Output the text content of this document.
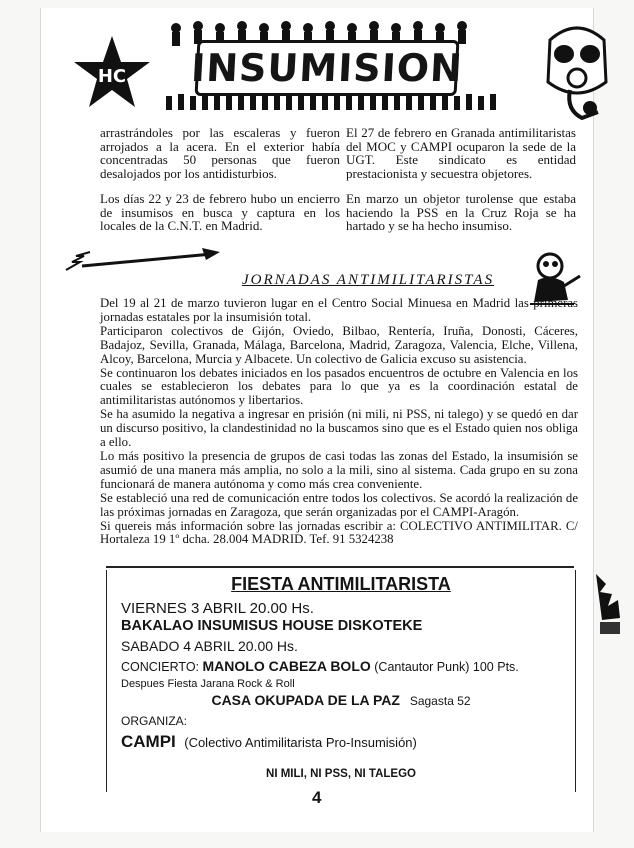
INSUMISION
HC

arrastrándoles por las escaleras y fueron arrojados a la acera. En el exterior había concentradas 50 personas que fueron desalojados por los antidisturbios.

Los días 22 y 23 de febrero hubo un encierro de insumisos en busca y captura en los locales de la C.N.T. en Madrid.

El 27 de febrero en Granada antimilitaristas del MOC y CAMPI ocuparon la sede de la UGT. Este sindicato es entidad prestacionista y secuestra objetores.

En marzo un objetor turolense que estaba haciendo la PSS en la Cruz Roja se ha hartado y se ha hecho insumiso.

JORNADAS ANTIMILITARISTAS

Del 19 al 21 de marzo tuvieron lugar en el Centro Social Minuesa en Madrid las primeras jornadas estatales por la insumisión total.

Participaron colectivos de Gijón, Oviedo, Bilbao, Rentería, Iruña, Donosti, Cáceres, Badajoz, Sevilla, Granada, Málaga, Barcelona, Madrid, Zaragoza, Valencia, Elche, Villena, Alcoy, Barcelona, Murcia y Albacete. Un colectivo de Galicia excuso su asistencia.

Se continuaron los debates iniciados en los pasados encuentros de octubre en Valencia en los cuales se establecieron los debates para lo que ya es la coordinación estatal de antimilitaristas autónomos y libertarios.

Se ha asumido la negativa a ingresar en prisión (ni mili, ni PSS, ni talego) y se quedó en dar un discurso positivo, la clandestinidad no la buscamos sino que es el Estado quien nos obliga a ello.

Lo más positivo la presencia de grupos de casi todas las zonas del Estado, la insumisión se asumió de una manera más amplia, no solo a la mili, sino al sistema. Cada grupo en su zona funcionará de manera autónoma y como más crea conveniente.

Se estableció una red de comunicación entre todos los colectivos. Se acordó la realización de las próximas jornadas en Zaragoza, que serán organizadas por el CAMPI-Aragón.

Si quereis más información sobre las jornadas escribir a: COLECTIVO ANTIMILITAR. C/ Hortaleza 19 1º dcha. 28.004 MADRID. Tef. 91 5324238

FIESTA ANTIMILITARISTA
VIERNES 3 ABRIL 20.00 Hs.
BAKALAO INSUMISUS HOUSE DISKOTEKE
SABADO 4 ABRIL 20.00 Hs.
CONCIERTO: MANOLO CABEZA BOLO (Cantautor Punk) 100 Pts.
Despues Fiesta Jarana Rock & Roll
CASA OKUPADA DE LA PAZ Sagasta 52
ORGANIZA:
CAMPI (Colectivo Antimilitarista Pro-Insumisión)
NI MILI, NI PSS, NI TALEGO
4
